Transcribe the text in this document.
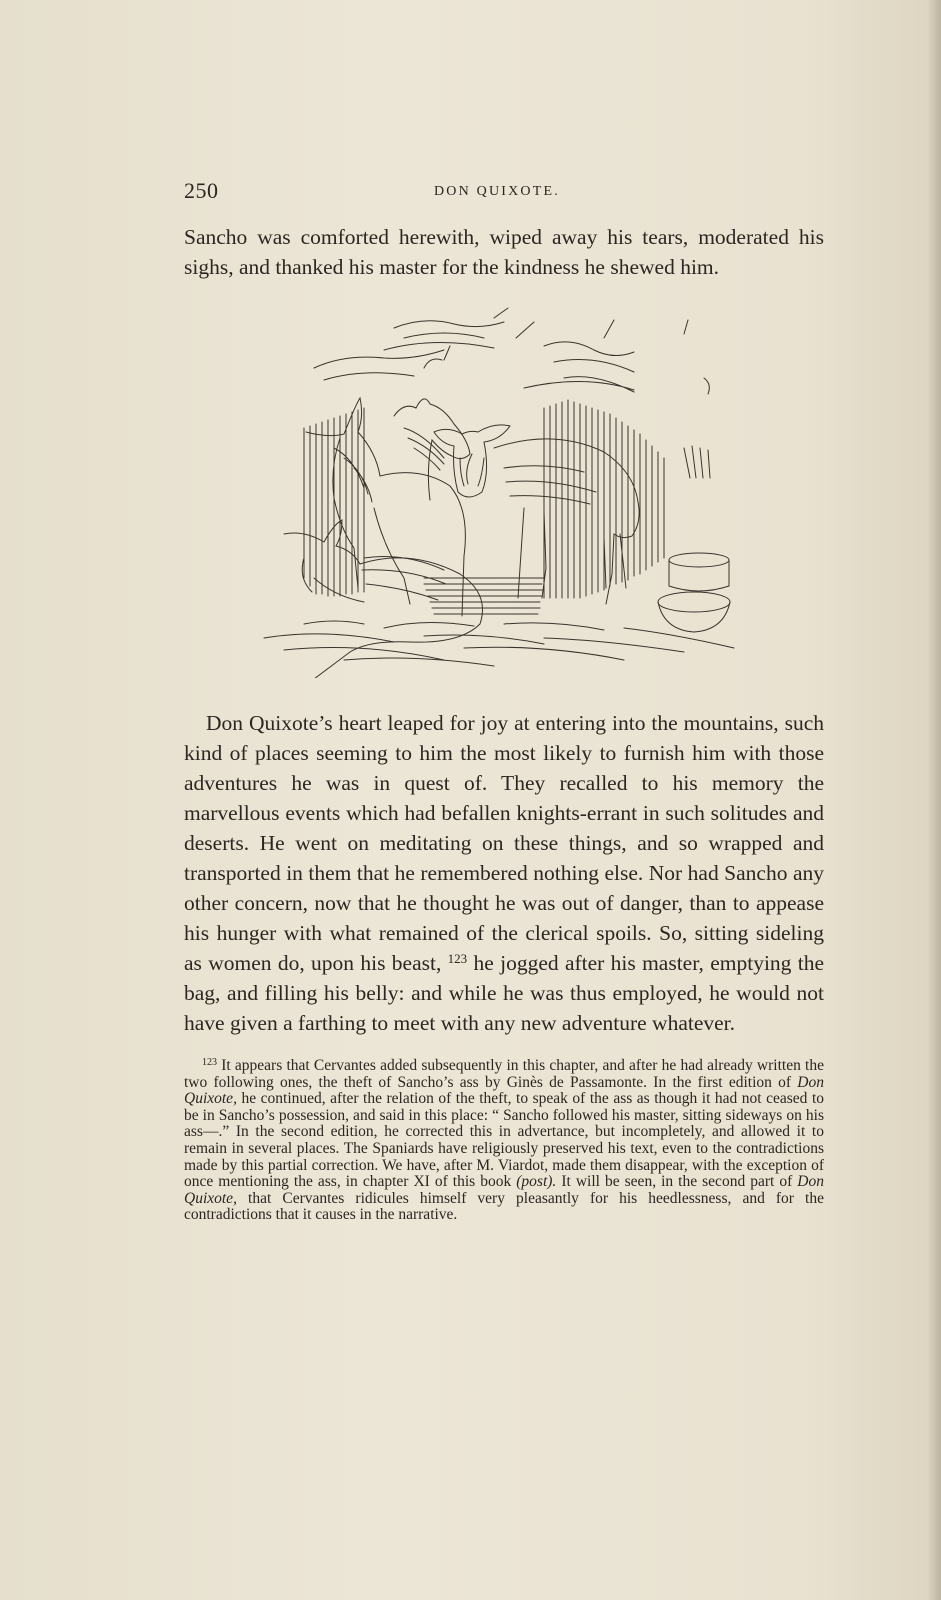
250	DON QUIXOTE.

Sancho was comforted herewith, wiped away his tears, moderated his sighs, and thanked his master for the kindness he shewed him.

Don Quixote’s heart leaped for joy at entering into the mountains, such kind of places seeming to him the most likely to furnish him with those adventures he was in quest of. They recalled to his memory the marvellous events which had befallen knights-errant in such solitudes and deserts. He went on meditating on these things, and so wrapped and transported in them that he remembered nothing else. Nor had Sancho any other concern, now that he thought he was out of danger, than to appease his hunger with what remained of the clerical spoils. So, sitting sideling as women do, upon his beast, $^{123}$ he jogged after his master, emptying the bag, and filling his belly: and while he was thus employed, he would not have given a farthing to meet with any new adventure whatever.

$^{123}$ It appears that Cervantes added subsequently in this chapter, and after he had already written the two following ones, the theft of Sancho’s ass by Ginès de Passamonte. In the first edition of Don Quixote, he continued, after the relation of the theft, to speak of the ass as though it had not ceased to be in Sancho’s possession, and said in this place: “ Sancho followed his master, sitting sideways on his ass—.” In the second edition, he corrected this in advertance, but incompletely, and allowed it to remain in several places. The Spaniards have religiously preserved his text, even to the contradictions made by this partial correction. We have, after M. Viardot, made them disappear, with the exception of once mentioning the ass, in chapter XI of this book (post). It will be seen, in the second part of Don Quixote, that Cervantes ridicules himself very pleasantly for his heedlessness, and for the contradictions that it causes in the narrative.
